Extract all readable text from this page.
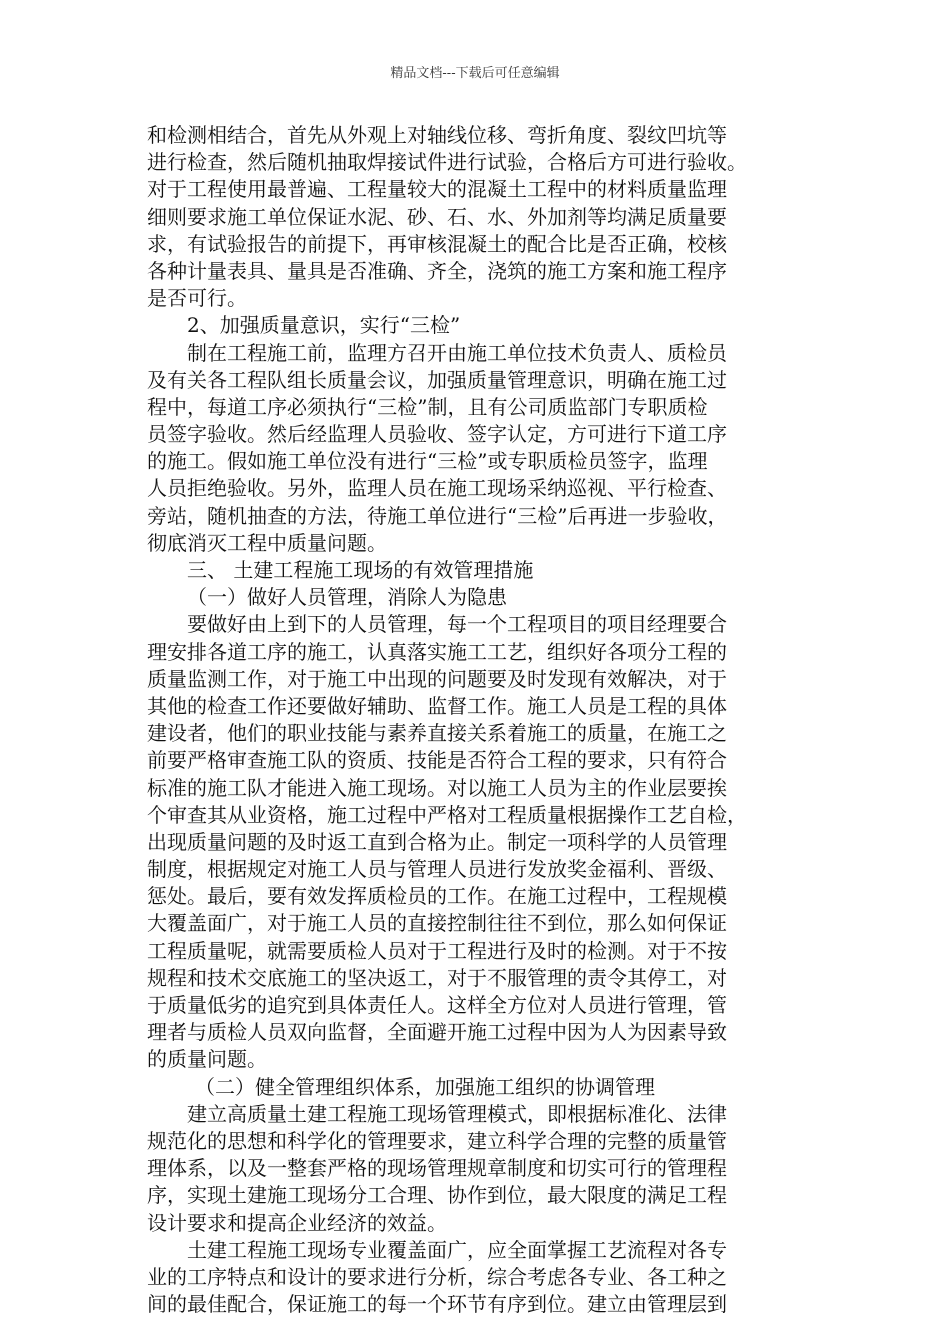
精品文档---下载后可任意编辑
和检测相结合，首先从外观上对轴线位移、弯折角度、裂纹凹坑等
进行检查，然后随机抽取焊接试件进行试验，合格后方可进行验收。
对于工程使用最普遍、工程量较大的混凝土工程中的材料质量监理
细则要求施工单位保证水泥、砂、石、水、外加剂等均满足质量要
求，有试验报告的前提下，再审核混凝土的配合比是否正确，校核
各种计量表具、量具是否准确、齐全，浇筑的施工方案和施工程序
是否可行。
2、加强质量意识，实行“三检”
制在工程施工前，监理方召开由施工单位技术负责人、质检员
及有关各工程队组长质量会议，加强质量管理意识，明确在施工过
程中，每道工序必须执行“三检”制，且有公司质监部门专职质检
员签字验收。然后经监理人员验收、签字认定，方可进行下道工序
的施工。假如施工单位没有进行“三检”或专职质检员签字，监理
人员拒绝验收。另外，监理人员在施工现场采纳巡视、平行检查、
旁站，随机抽查的方法，待施工单位进行“三检”后再进一步验收，
彻底消灭工程中质量问题。
三、 土建工程施工现场的有效管理措施
（一）做好人员管理，消除人为隐患
要做好由上到下的人员管理，每一个工程项目的项目经理要合
理安排各道工序的施工，认真落实施工工艺，组织好各项分工程的
质量监测工作，对于施工中出现的问题要及时发现有效解决，对于
其他的检查工作还要做好辅助、监督工作。施工人员是工程的具体
建设者，他们的职业技能与素养直接关系着施工的质量，在施工之
前要严格审查施工队的资质、技能是否符合工程的要求，只有符合
标准的施工队才能进入施工现场。对以施工人员为主的作业层要挨
个审查其从业资格，施工过程中严格对工程质量根据操作工艺自检，
出现质量问题的及时返工直到合格为止。制定一项科学的人员管理
制度，根据规定对施工人员与管理人员进行发放奖金福利、晋级、
惩处。最后，要有效发挥质检员的工作。在施工过程中，工程规模
大覆盖面广，对于施工人员的直接控制往往不到位，那么如何保证
工程质量呢，就需要质检人员对于工程进行及时的检测。对于不按
规程和技术交底施工的坚决返工，对于不服管理的责令其停工，对
于质量低劣的追究到具体责任人。这样全方位对人员进行管理，管
理者与质检人员双向监督，全面避开施工过程中因为人为因素导致
的质量问题。
（二）健全管理组织体系，加强施工组织的协调管理
建立高质量土建工程施工现场管理模式，即根据标准化、法律
规范化的思想和科学化的管理要求，建立科学合理的完整的质量管
理体系，以及一整套严格的现场管理规章制度和切实可行的管理程
序，实现土建施工现场分工合理、协作到位，最大限度的满足工程
设计要求和提高企业经济的效益。
土建工程施工现场专业覆盖面广，应全面掌握工艺流程对各专
业的工序特点和设计的要求进行分析，综合考虑各专业、各工种之
间的最佳配合，保证施工的每一个环节有序到位。建立由管理层到
